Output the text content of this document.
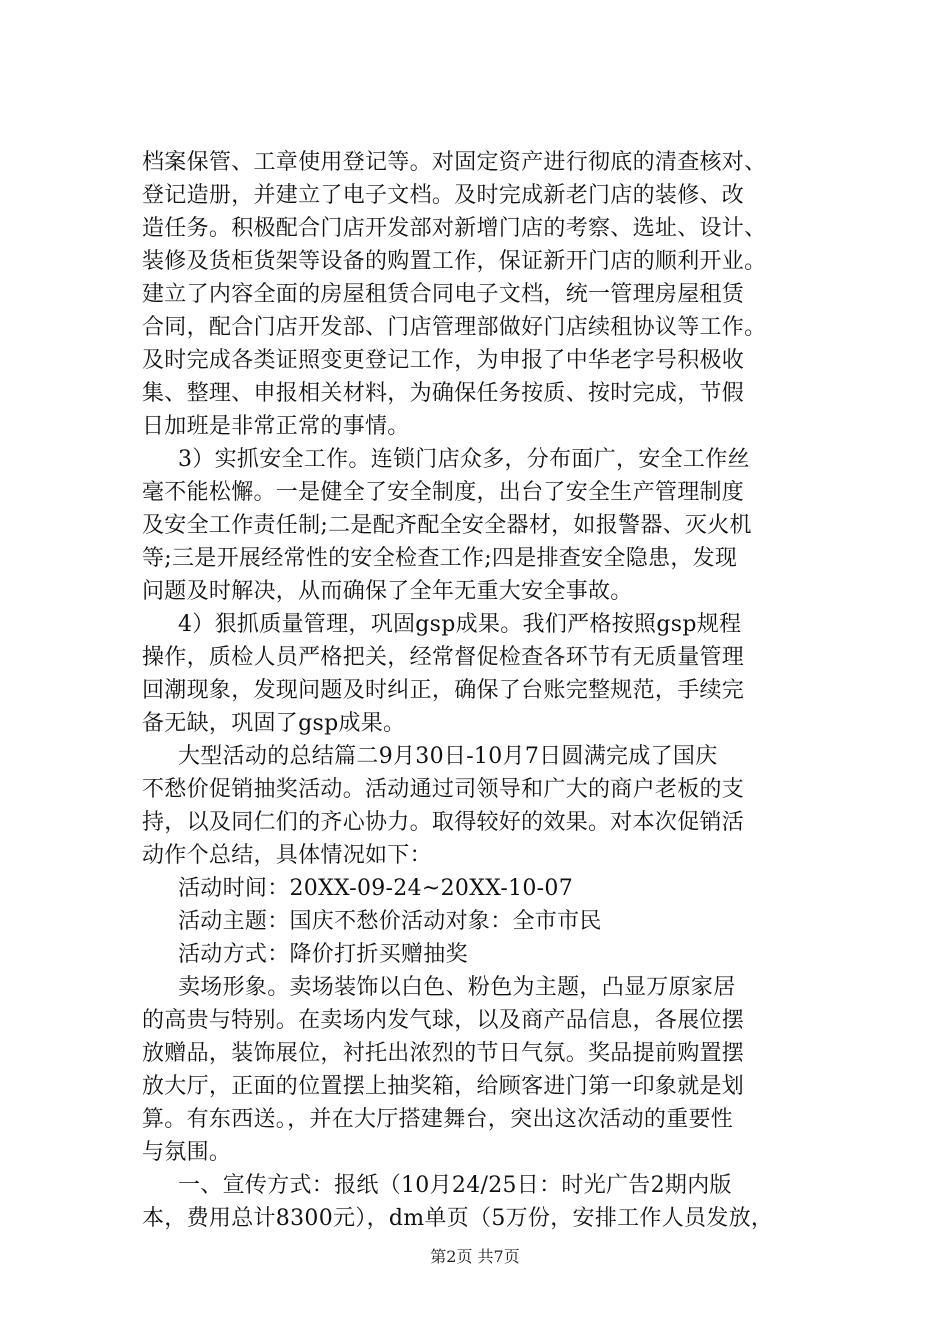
档案保管、工章使用登记等。对固定资产进行彻底的清查核对、
登记造册，并建立了电子文档。及时完成新老门店的装修、改
造任务。积极配合门店开发部对新增门店的考察、选址、设计、
装修及货柜货架等设备的购置工作，保证新开门店的顺利开业。
建立了内容全面的房屋租赁合同电子文档，统一管理房屋租赁
合同，配合门店开发部、门店管理部做好门店续租协议等工作。
及时完成各类证照变更登记工作，为申报了中华老字号积极收
集、整理、申报相关材料，为确保任务按质、按时完成，节假
日加班是非常正常的事情。
3）实抓安全工作。连锁门店众多，分布面广，安全工作丝
毫不能松懈。一是健全了安全制度，出台了安全生产管理制度
及安全工作责任制;二是配齐配全安全器材，如报警器、灭火机
等;三是开展经常性的安全检查工作;四是排查安全隐患，发现
问题及时解决，从而确保了全年无重大安全事故。
4）狠抓质量管理，巩固gsp成果。我们严格按照gsp规程
操作，质检人员严格把关，经常督促检查各环节有无质量管理
回潮现象，发现问题及时纠正，确保了台账完整规范，手续完
备无缺，巩固了gsp成果。
大型活动的总结篇二9月30日-10月7日圆满完成了国庆
不愁价促销抽奖活动。活动通过司领导和广大的商户老板的支
持，以及同仁们的齐心协力。取得较好的效果。对本次促销活
动作个总结，具体情况如下：
活动时间：20XX-09-24~20XX-10-07
活动主题：国庆不愁价活动对象：全市市民
活动方式：降价打折买赠抽奖
卖场形象。卖场装饰以白色、粉色为主题，凸显万原家居
的高贵与特别。在卖场内发气球，以及商产品信息，各展位摆
放赠品，装饰展位，衬托出浓烈的节日气氛。奖品提前购置摆
放大厅，正面的位置摆上抽奖箱，给顾客进门第一印象就是划
算。有东西送。，并在大厅搭建舞台，突出这次活动的重要性
与氛围。
一、宣传方式：报纸（10月24/25日：时光广告2期内版
本，费用总计8300元），dm单页（5万份，安排工作人员发放，
第2页 共7页
